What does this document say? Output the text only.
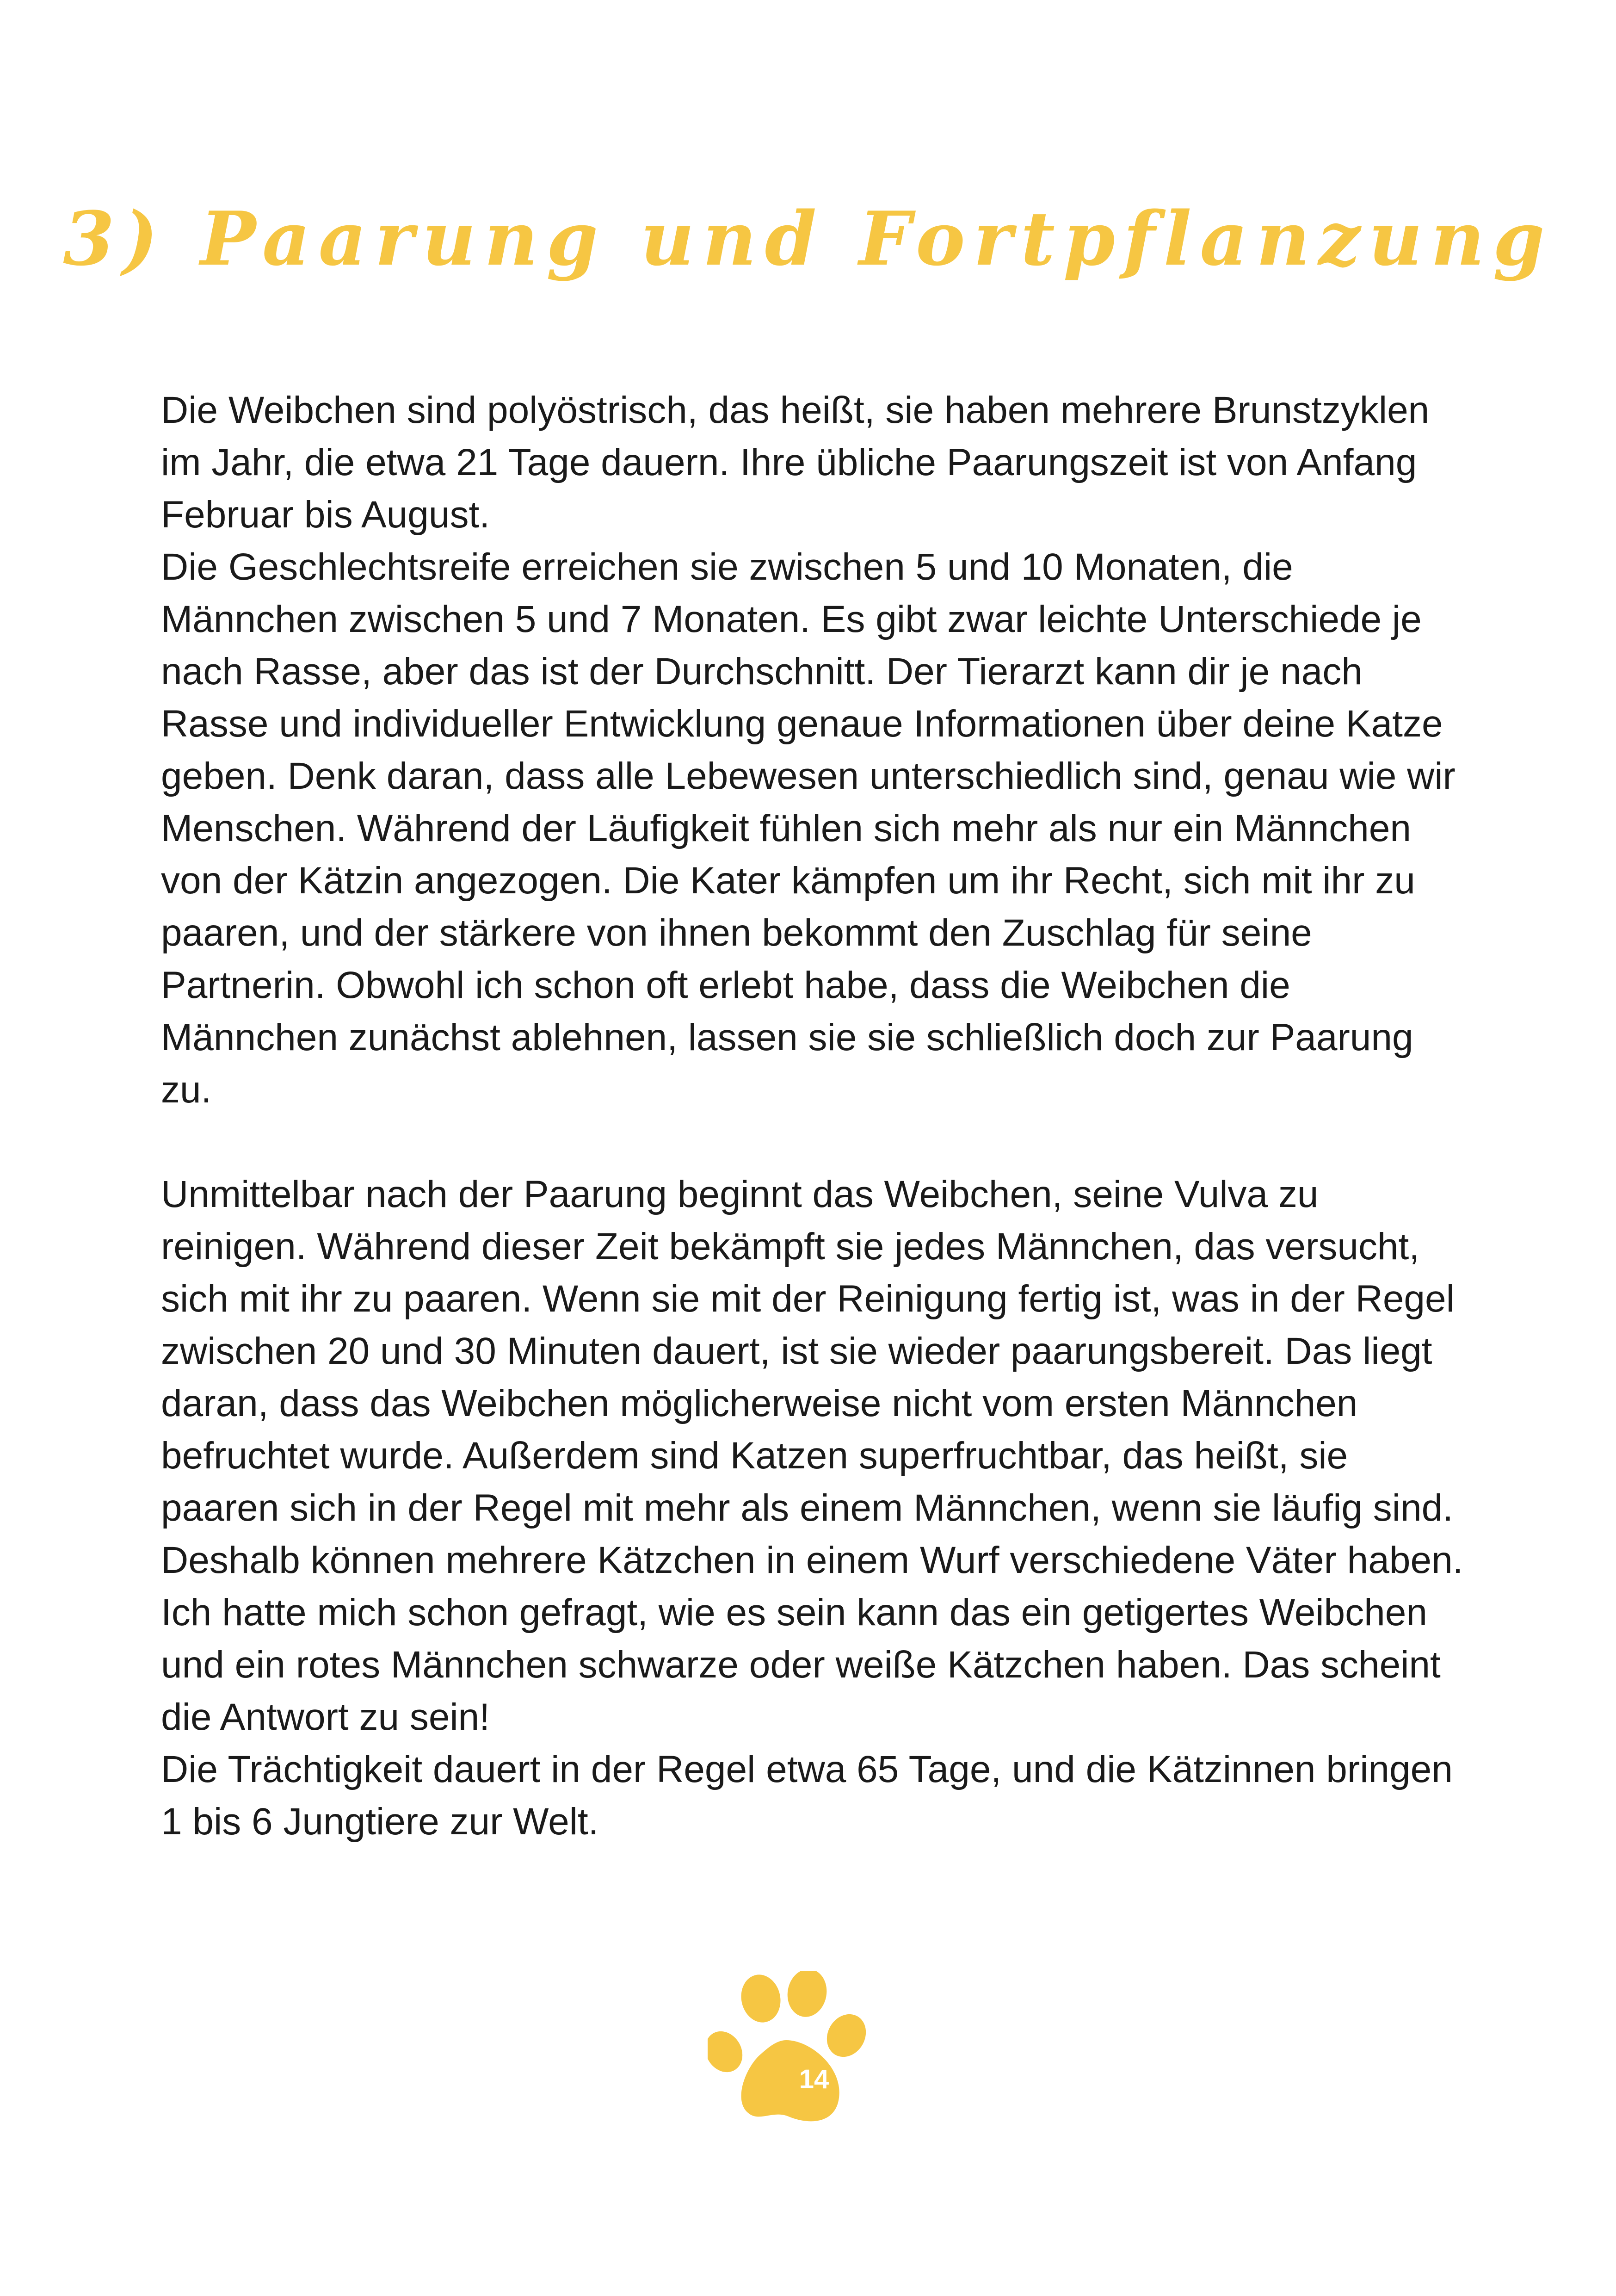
3) Paarung und Fortpflanzung

Die Weibchen sind polyöstrisch, das heißt, sie haben mehrere Brunstzyklen im Jahr, die etwa 21 Tage dauern. Ihre übliche Paarungszeit ist von Anfang Februar bis August.

Die Geschlechtsreife erreichen sie zwischen 5 und 10 Monaten, die Männchen zwischen 5 und 7 Monaten. Es gibt zwar leichte Unterschiede je nach Rasse, aber das ist der Durchschnitt. Der Tierarzt kann dir je nach Rasse und individueller Entwicklung genaue Informationen über deine Katze geben. Denk daran, dass alle Lebewesen unterschiedlich sind, genau wie wir Menschen. Während der Läufigkeit fühlen sich mehr als nur ein Männchen von der Kätzin angezogen. Die Kater kämpfen um ihr Recht, sich mit ihr zu paaren, und der stärkere von ihnen bekommt den Zuschlag für seine Partnerin. Obwohl ich schon oft erlebt habe, dass die Weibchen die Männchen zunächst ablehnen, lassen sie sie schließlich doch zur Paarung zu.

Unmittelbar nach der Paarung beginnt das Weibchen, seine Vulva zu reinigen. Während dieser Zeit bekämpft sie jedes Männchen, das versucht, sich mit ihr zu paaren. Wenn sie mit der Reinigung fertig ist, was in der Regel zwischen 20 und 30 Minuten dauert, ist sie wieder paarungsbereit. Das liegt daran, dass das Weibchen möglicherweise nicht vom ersten Männchen befruchtet wurde. Außerdem sind Katzen superfruchtbar, das heißt, sie paaren sich in der Regel mit mehr als einem Männchen, wenn sie läufig sind. Deshalb können mehrere Kätzchen in einem Wurf verschiedene Väter haben.

Ich hatte mich schon gefragt, wie es sein kann das ein getigertes Weibchen und ein rotes Männchen schwarze oder weiße Kätzchen haben. Das scheint die Antwort zu sein!

Die Trächtigkeit dauert in der Regel etwa 65 Tage, und die Kätzinnen bringen 1 bis 6 Jungtiere zur Welt.

14
